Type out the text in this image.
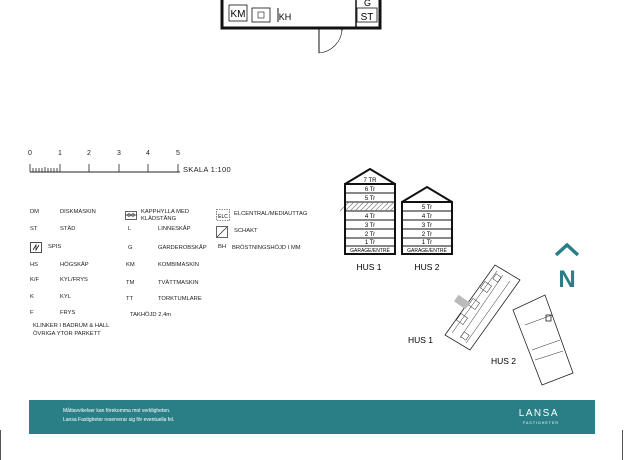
KM	KH
G
ST
0	1	2	3	4	5
SKALA 1:100
DM	DISKMASKIN
ST	STÄD
SPIS
HS	HÖGSKÅP
K/F	KYL/FRYS
K	KYL
F	FRYS
KAPPHYLLA MED KLÄDSTÅNG
L	LINNESKÅP
G	GARDEROBSKÅP
KM	KOMBIMASKIN
TM	TVÄTTMASKIN
TT	TORKTUMLARE
ELC ELCENTRAL/MEDIAUTTAG
SCHAKT
BH	BRÖSTNINGSHÖJD I MM
TAKHÖJD 2,4m
KLINKER I BADRUM & HALL
ÖVRIGA YTOR PARKETT
7 TR
6 Tr
5 Tr
4 Tr
3 Tr
2 Tr
1 Tr
GARAGE/ENTRÉ
HUS 1
5 Tr
4 Tr
3 Tr
2 Tr
1 Tr
GARAGE/ENTRÉ
HUS 2
HUS 1
HUS 2
N
Måttavvikelser kan förekomma mot verkligheten.
Lansa Fastigheter reserverar sig för eventuella fel.
LANSA
FASTIGHETER
